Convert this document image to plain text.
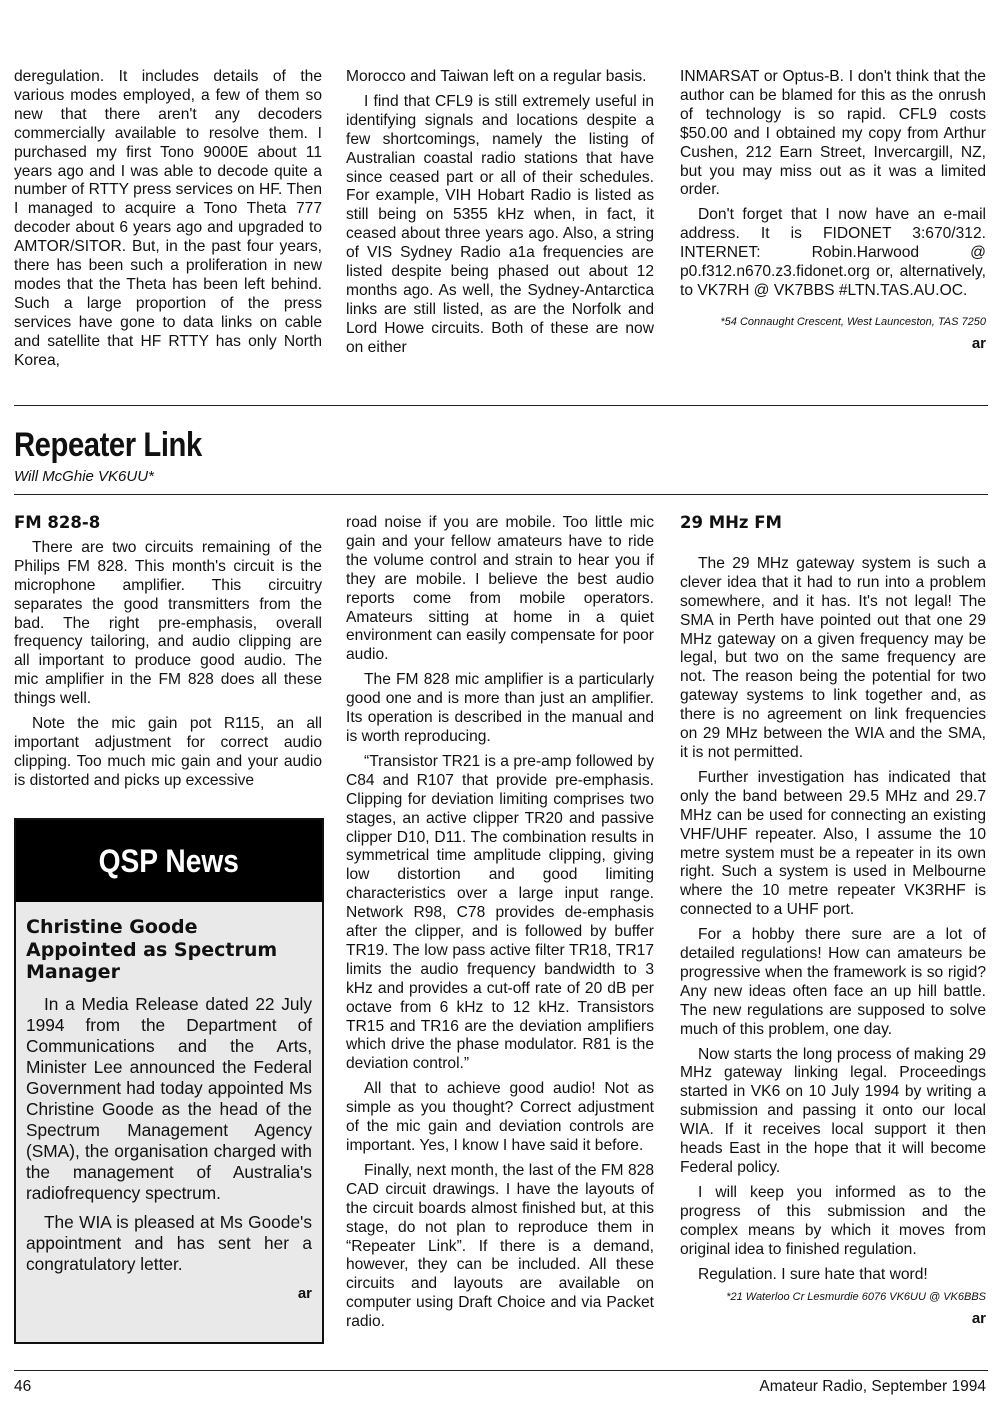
deregulation. It includes details of the various modes employed, a few of them so new that there aren't any decoders commercially available to resolve them. I purchased my first Tono 9000E about 11 years ago and I was able to decode quite a number of RTTY press services on HF. Then I managed to acquire a Tono Theta 777 decoder about 6 years ago and upgraded to AMTOR/SITOR. But, in the past four years, there has been such a proliferation in new modes that the Theta has been left behind. Such a large proportion of the press services have gone to data links on cable and satellite that HF RTTY has only North Korea,

Morocco and Taiwan left on a regular basis.

I find that CFL9 is still extremely useful in identifying signals and locations despite a few shortcomings, namely the listing of Australian coastal radio stations that have since ceased part or all of their schedules. For example, VIH Hobart Radio is listed as still being on 5355 kHz when, in fact, it ceased about three years ago. Also, a string of VIS Sydney Radio a1a frequencies are listed despite being phased out about 12 months ago. As well, the Sydney-Antarctica links are still listed, as are the Norfolk and Lord Howe circuits. Both of these are now on either

INMARSAT or Optus-B. I don't think that the author can be blamed for this as the onrush of technology is so rapid. CFL9 costs $50.00 and I obtained my copy from Arthur Cushen, 212 Earn Street, Invercargill, NZ, but you may miss out as it was a limited order.

Don't forget that I now have an e-mail address. It is FIDONET 3:670/312. INTERNET: Robin.Harwood @ p0.f312.n670.z3.fidonet.org or, alternatively, to VK7RH @ VK7BBS #LTN.TAS.AU.OC.

*54 Connaught Crescent, West Launceston, TAS 7250

ar

Repeater Link
Will McGhie VK6UU*
FM 828-8

There are two circuits remaining of the Philips FM 828. This month's circuit is the microphone amplifier. This circuitry separates the good transmitters from the bad. The right pre-emphasis, overall frequency tailoring, and audio clipping are all important to produce good audio. The mic amplifier in the FM 828 does all these things well.

Note the mic gain pot R115, an all important adjustment for correct audio clipping. Too much mic gain and your audio is distorted and picks up excessive

road noise if you are mobile. Too little mic gain and your fellow amateurs have to ride the volume control and strain to hear you if they are mobile. I believe the best audio reports come from mobile operators. Amateurs sitting at home in a quiet environment can easily compensate for poor audio.

The FM 828 mic amplifier is a particularly good one and is more than just an amplifier. Its operation is described in the manual and is worth reproducing.

“Transistor TR21 is a pre-amp followed by C84 and R107 that provide pre-emphasis. Clipping for deviation limiting comprises two stages, an active clipper TR20 and passive clipper D10, D11. The combination results in symmetrical time amplitude clipping, giving low distortion and good limiting characteristics over a large input range. Network R98, C78 provides de-emphasis after the clipper, and is followed by buffer TR19. The low pass active filter TR18, TR17 limits the audio frequency bandwidth to 3 kHz and provides a cut-off rate of 20 dB per octave from 6 kHz to 12 kHz. Transistors TR15 and TR16 are the deviation amplifiers which drive the phase modulator. R81 is the deviation control.”

All that to achieve good audio! Not as simple as you thought? Correct adjustment of the mic gain and deviation controls are important. Yes, I know I have said it before.

Finally, next month, the last of the FM 828 CAD circuit drawings. I have the layouts of the circuit boards almost finished but, at this stage, do not plan to reproduce them in “Repeater Link”. If there is a demand, however, they can be included. All these circuits and layouts are available on computer using Draft Choice and via Packet radio.

29 MHz FM

The 29 MHz gateway system is such a clever idea that it had to run into a problem somewhere, and it has. It's not legal! The SMA in Perth have pointed out that one 29 MHz gateway on a given frequency may be legal, but two on the same frequency are not. The reason being the potential for two gateway systems to link together and, as there is no agreement on link frequencies on 29 MHz between the WIA and the SMA, it is not permitted.

Further investigation has indicated that only the band between 29.5 MHz and 29.7 MHz can be used for connecting an existing VHF/UHF repeater. Also, I assume the 10 metre system must be a repeater in its own right. Such a system is used in Melbourne where the 10 metre repeater VK3RHF is connected to a UHF port.

For a hobby there sure are a lot of detailed regulations! How can amateurs be progressive when the framework is so rigid? Any new ideas often face an up hill battle. The new regulations are supposed to solve much of this problem, one day.

Now starts the long process of making 29 MHz gateway linking legal. Proceedings started in VK6 on 10 July 1994 by writing a submission and passing it onto our local WIA. If it receives local support it then heads East in the hope that it will become Federal policy.

I will keep you informed as to the progress of this submission and the complex means by which it moves from original idea to finished regulation.

Regulation. I sure hate that word!

*21 Waterloo Cr Lesmurdie 6076 VK6UU @ VK6BBS

ar

QSP News
Christine Goode Appointed as Spectrum Manager

In a Media Release dated 22 July 1994 from the Department of Communications and the Arts, Minister Lee announced the Federal Government had today appointed Ms Christine Goode as the head of the Spectrum Management Agency (SMA), the organisation charged with the management of Australia's radiofrequency spectrum.

The WIA is pleased at Ms Goode's appointment and has sent her a congratulatory letter.

ar

46	Amateur Radio, September 1994
